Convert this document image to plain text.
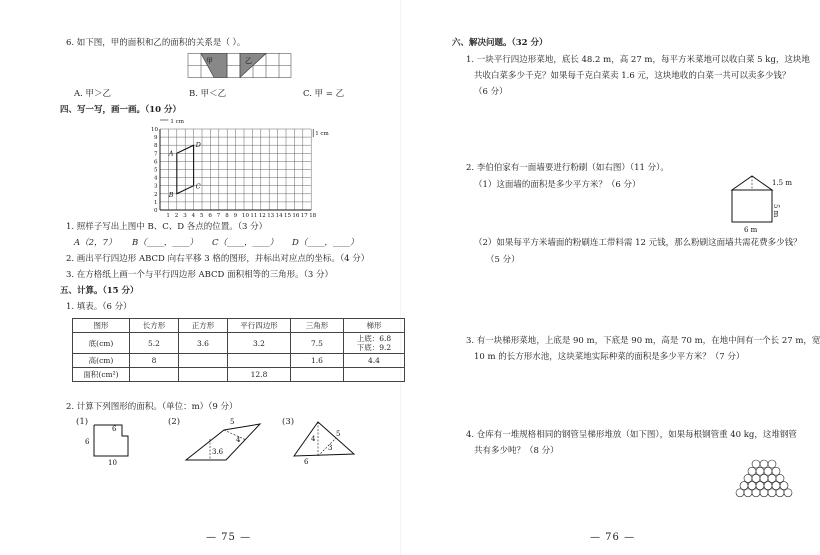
6. 如下图，甲的面积和乙的面积的关系是（ ）。
甲	乙
A. 甲＞乙	B. 甲＜乙	C. 甲 = 乙
四、写一写，画一画。（10 分）
1 2 3 4 5 6 7 8 9 10 11 12 13 14 15 16 17 18
10
9
8
7
6
5
4
3
2
1
0
A
B
C
D
1 cm
1 cm
1. 照样子写出上图中 B、C、D 各点的位置。（3 分）
A（2，7） B（____，____） C（____，____） D（____，____）
2. 画出平行四边形 ABCD 向右平移 3 格的图形，并标出对应点的坐标。（4 分）
3. 在方格纸上画一个与平行四边形 ABCD 面积相等的三角形。（3 分）
五、计算。（15 分）
1. 填表。（6 分）
图形	长方形	正方形	平行四边形	三角形	梯形
底(cm)	5.2	3.6	3.2	7.5	上底：6.8
下底：9.2
高(cm)	8			1.6	4.4
面积(cm²)			12.8		
2. 计算下列图形的面积。（单位：m）（9 分）
(1)	(2)	(3)
6
6
10
5
3.6
4	4
5
3
6
— 75 —
六、解决问题。（32 分）
1. 一块平行四边形菜地，底长 48.2 m，高 27 m，每平方米菜地可以收白菜 5 kg，这块地
共收白菜多少千克？如果每千克白菜卖 1.6 元，这块地收的白菜一共可以卖多少钱？
（6 分）
2. 李伯伯家有一面墙要进行粉刷（如右图）（11 分）。
（1）这面墙的面积是多少平方米？（6 分）
（2）如果每平方米墙面的粉刷连工带料需 12 元钱，那么粉刷这面墙共需花费多少钱？
（5 分）
1.5 m
5 m
6 m
3. 有一块梯形菜地，上底是 90 m，下底是 90 m，高是 70 m，在地中间有一个长 27 m，宽
10 m 的长方形水池，这块菜地实际种菜的面积是多少平方米？（7 分）
4. 仓库有一堆规格相同的钢管呈梯形堆放（如下图），如果每根钢管重 40 kg，这堆钢管
共有多少吨？（8 分）
— 76 —
